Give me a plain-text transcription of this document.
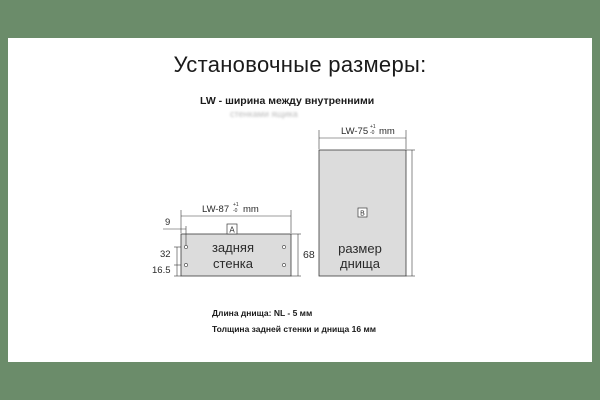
Установочные размеры:
LW - ширина между внутренними
стенками ящика
задняя
стенка
A
LW-87 +1
-0 mm
9
32
16.5
68
B
размер
днища
LW-75 +1
-0 mm
Длина днища: NL - 5 мм
Толщина задней стенки и днища 16 мм
